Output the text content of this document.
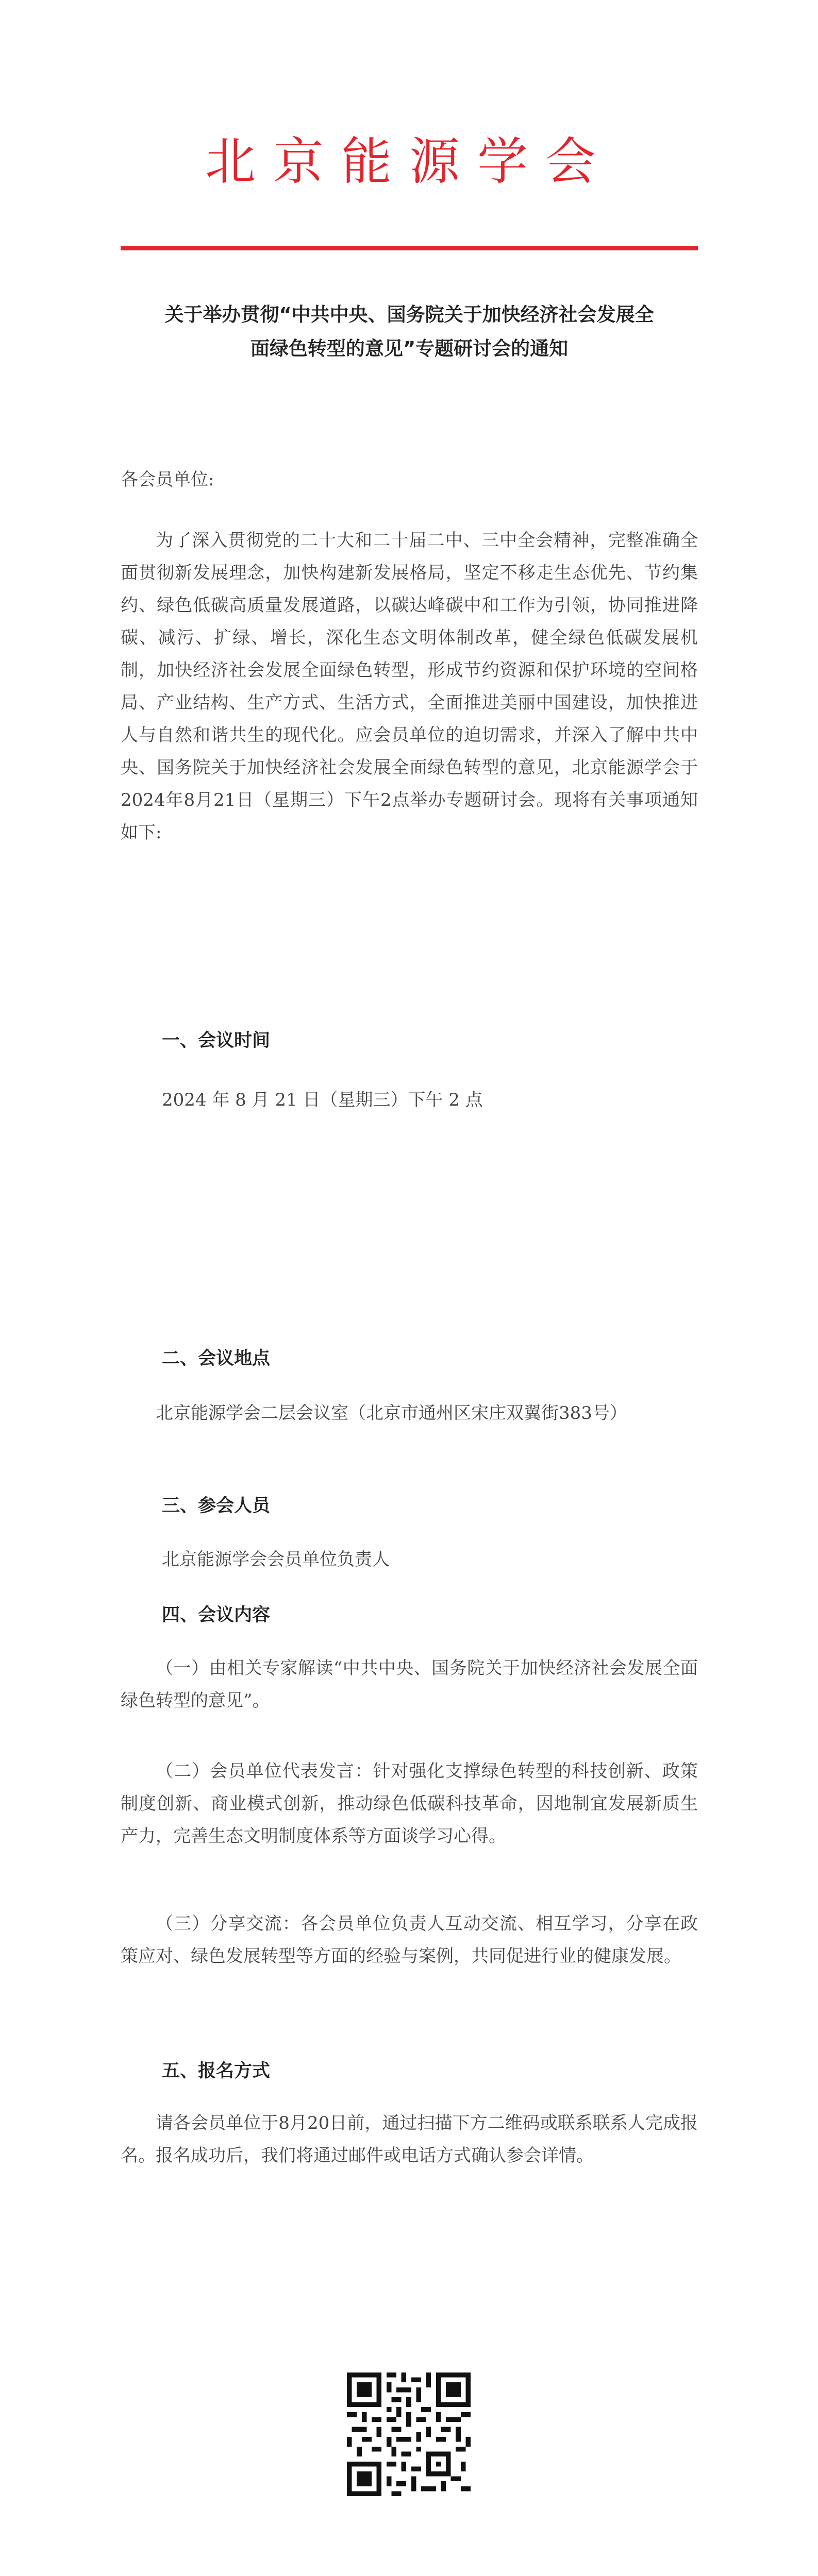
北京能源学会
关于举办贯彻“中共中央、国务院关于加快经济社会发展全
面绿色转型的意见”专题研讨会的通知
各会员单位:
为了深入贯彻党的二十大和二十届二中、三中全会精神，完整准确全面贯彻新发展理念，加快构建新发展格局，坚定不移走生态优先、节约集约、绿色低碳高质量发展道路，以碳达峰碳中和工作为引领，协同推进降碳、减污、扩绿、增长，深化生态文明体制改革，健全绿色低碳发展机制，加快经济社会发展全面绿色转型，形成节约资源和保护环境的空间格局、产业结构、生产方式、生活方式，全面推进美丽中国建设，加快推进人与自然和谐共生的现代化。应会员单位的迫切需求，并深入了解中共中央、国务院关于加快经济社会发展全面绿色转型的意见，北京能源学会于2024年8月21日（星期三）下午2点举办专题研讨会。现将有关事项通知如下:
一、会议时间
2024 年 8 月 21 日（星期三）下午 2 点
二、会议地点
北京能源学会二层会议室（北京市通州区宋庄双翼街383号）
三、参会人员
北京能源学会会员单位负责人
四、会议内容
（一）由相关专家解读“中共中央、国务院关于加快经济社会发展全面绿色转型的意见”。
（二）会员单位代表发言：针对强化支撑绿色转型的科技创新、政策制度创新、商业模式创新，推动绿色低碳科技革命，因地制宜发展新质生产力，完善生态文明制度体系等方面谈学习心得。
（三）分享交流：各会员单位负责人互动交流、相互学习，分享在政策应对、绿色发展转型等方面的经验与案例，共同促进行业的健康发展。
五、报名方式
请各会员单位于8月20日前，通过扫描下方二维码或联系联系人完成报名。报名成功后，我们将通过邮件或电话方式确认参会详情。
